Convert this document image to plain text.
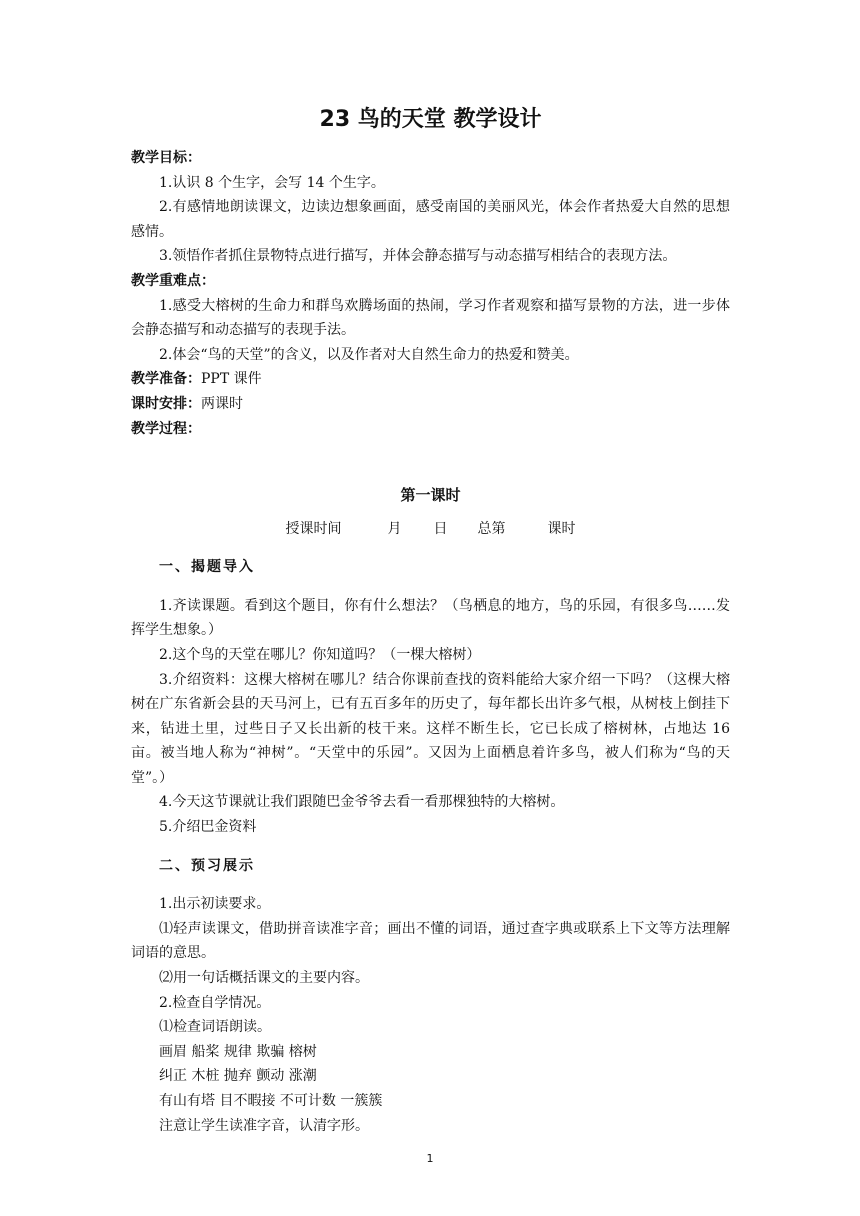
23 鸟的天堂 教学设计

教学目标：

1.认识 8 个生字，会写 14 个生字。

2.有感情地朗读课文，边读边想象画面，感受南国的美丽风光，体会作者热爱大自然的思想感情。

3.领悟作者抓住景物特点进行描写，并体会静态描写与动态描写相结合的表现方法。

教学重难点：

1.感受大榕树的生命力和群鸟欢腾场面的热闹，学习作者观察和描写景物的方法，进一步体会静态描写和动态描写的表现手法。

2.体会“鸟的天堂”的含义，以及作者对大自然生命力的热爱和赞美。

教学准备：PPT 课件

课时安排：两课时

教学过程：

第一课时
授课时间	月 日 总第	课时

一、揭题导入

1.齐读课题。看到这个题目，你有什么想法？（鸟栖息的地方，鸟的乐园，有很多鸟……发挥学生想象。）

2.这个鸟的天堂在哪儿？你知道吗？（一棵大榕树）

3.介绍资料：这棵大榕树在哪儿？结合你课前查找的资料能给大家介绍一下吗？（这棵大榕树在广东省新会县的天马河上，已有五百多年的历史了，每年都长出许多气根，从树枝上倒挂下来，钻进土里，过些日子又长出新的枝干来。这样不断生长，它已长成了榕树林，占地达 16 亩。被当地人称为“神树”。“天堂中的乐园”。又因为上面栖息着许多鸟，被人们称为“鸟的天堂”。）

4.今天这节课就让我们跟随巴金爷爷去看一看那棵独特的大榕树。

5.介绍巴金资料

二、预习展示

1.出示初读要求。

⑴轻声读课文，借助拼音读准字音；画出不懂的词语，通过查字典或联系上下文等方法理解词语的意思。

⑵用一句话概括课文的主要内容。

2.检查自学情况。

⑴检查词语朗读。

画眉 船桨 规律 欺骗 榕树

纠正 木桩 抛弃 颤动 涨潮

有山有塔 目不暇接 不可计数 一簇簇

注意让学生读准字音，认清字形。

1
